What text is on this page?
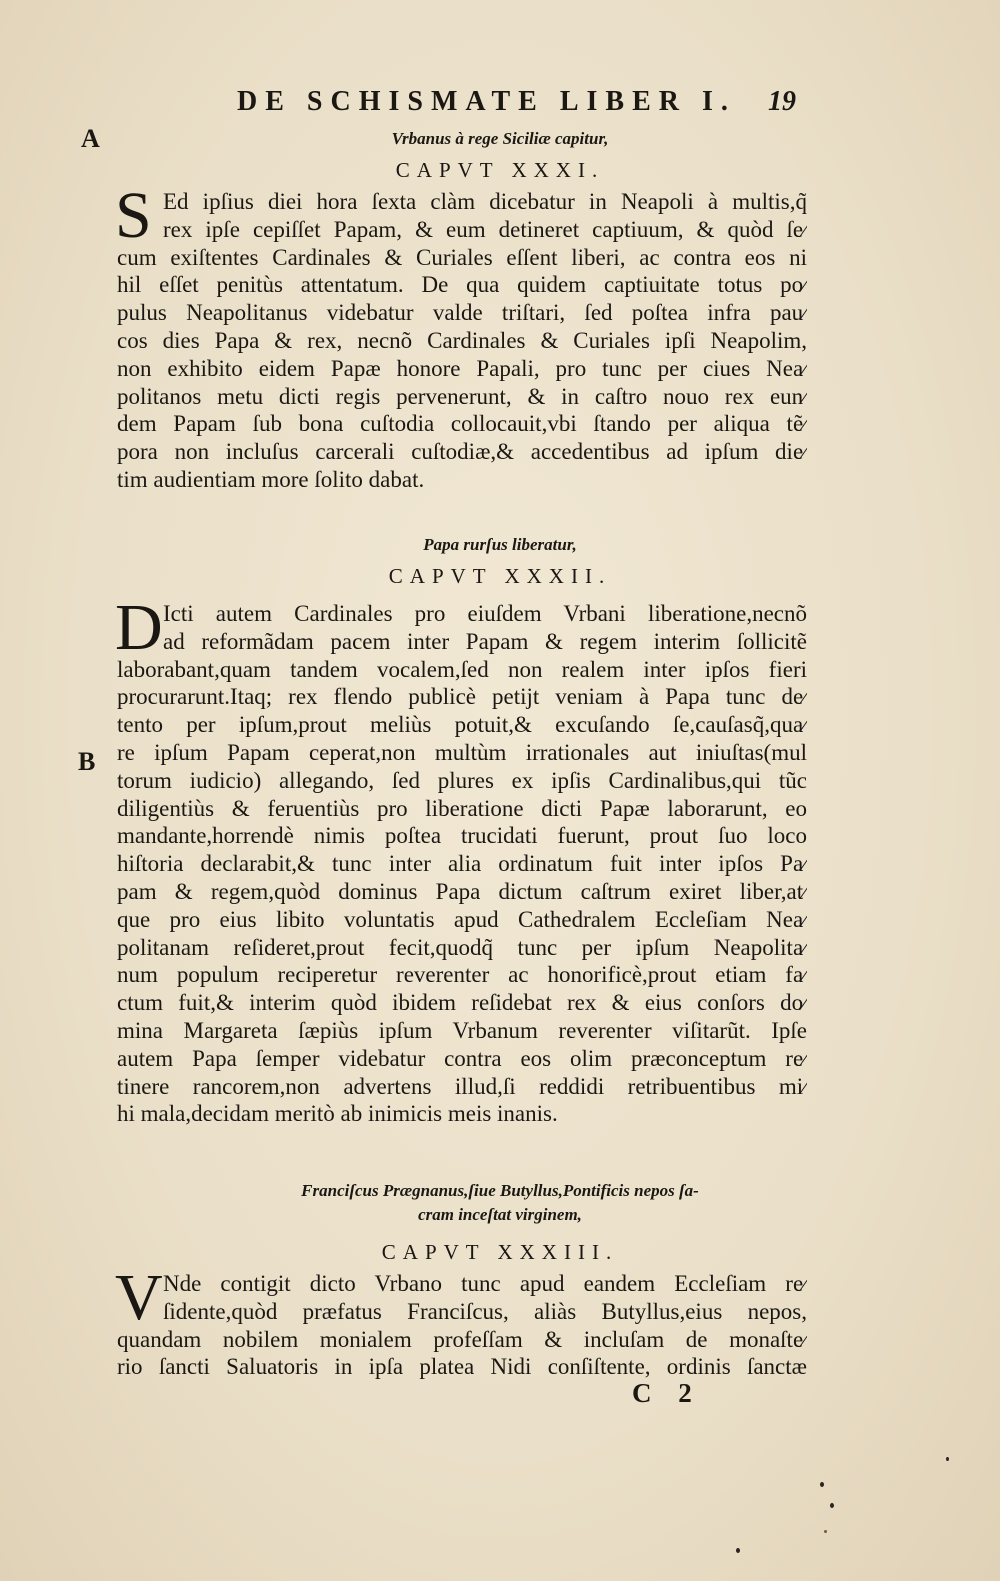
DE SCHISMATE LIBER I. 19
A
B
Vrbanus à rege Siciliæ capitur,
CAPVT XXXI.
S Ed ipſius diei hora ſexta clàm dicebatur in Neapoli à multis,q̃
rex ipſe cepiſſet Papam, & eum detineret captiuum, & quòd ſe⁄
cum exiſtentes Cardinales & Curiales eſſent liberi, ac contra eos ni
hil eſſet penitùs attentatum. De qua quidem captiuitate totus po⁄
pulus Neapolitanus videbatur valde triſtari, ſed poſtea infra pau⁄
cos dies Papa & rex, necnõ Cardinales & Curiales ipſi Neapolim,
non exhibito eidem Papæ honore Papali, pro tunc per ciues Nea⁄
politanos metu dicti regis pervenerunt, & in caſtro nouo rex eun⁄
dem Papam ſub bona cuſtodia collocauit,vbi ſtando per aliqua tẽ⁄
pora non incluſus carcerali cuſtodiæ,& accedentibus ad ipſum die⁄
tim audientiam more ſolito dabat.
Papa rurſus liberatur,
CAPVT XXXII.
D Icti autem Cardinales pro eiuſdem Vrbani liberatione,necnõ
ad reformãdam pacem inter Papam & regem interim ſollicitẽ
laborabant,quam tandem vocalem,ſed non realem inter ipſos fieri
procurarunt.Itaq; rex flendo publicè petijt veniam à Papa tunc de⁄
tento per ipſum,prout meliùs potuit,& excuſando ſe,cauſasq̃,qua⁄
re ipſum Papam ceperat,non multùm irrationales aut iniuſtas(mul
torum iudicio) allegando, ſed plures ex ipſis Cardinalibus,qui tũc
diligentiùs & feruentiùs pro liberatione dicti Papæ laborarunt, eo
mandante,horrendè nimis poſtea trucidati fuerunt, prout ſuo loco
hiſtoria declarabit,& tunc inter alia ordinatum fuit inter ipſos Pa⁄
pam & regem,quòd dominus Papa dictum caſtrum exiret liber,at⁄
que pro eius libito voluntatis apud Cathedralem Eccleſiam Nea⁄
politanam reſideret,prout fecit,quodq̃ tunc per ipſum Neapolita⁄
num populum reciperetur reverenter ac honorificè,prout etiam fa⁄
ctum fuit,& interim quòd ibidem reſidebat rex & eius conſors do⁄
mina Margareta ſæpiùs ipſum Vrbanum reverenter viſitarũt. Ipſe
autem Papa ſemper videbatur contra eos olim præconceptum re⁄
tinere rancorem,non advertens illud,ſi reddidi retribuentibus mi⁄
hi mala,decidam meritò ab inimicis meis inanis.
Franciſcus Prægnanus,ſiue Butyllus,Pontificis nepos ſa-
cram inceſtat virginem,
CAPVT XXXIII.
V Nde contigit dicto Vrbano tunc apud eandem Eccleſiam re⁄
ſidente,quòd præfatus Franciſcus, aliàs Butyllus,eius nepos,
quandam nobilem monialem profeſſam & incluſam de monaſte⁄
rio ſancti Saluatoris in ipſa platea Nidi conſiſtente, ordinis ſanctæ
C 2
